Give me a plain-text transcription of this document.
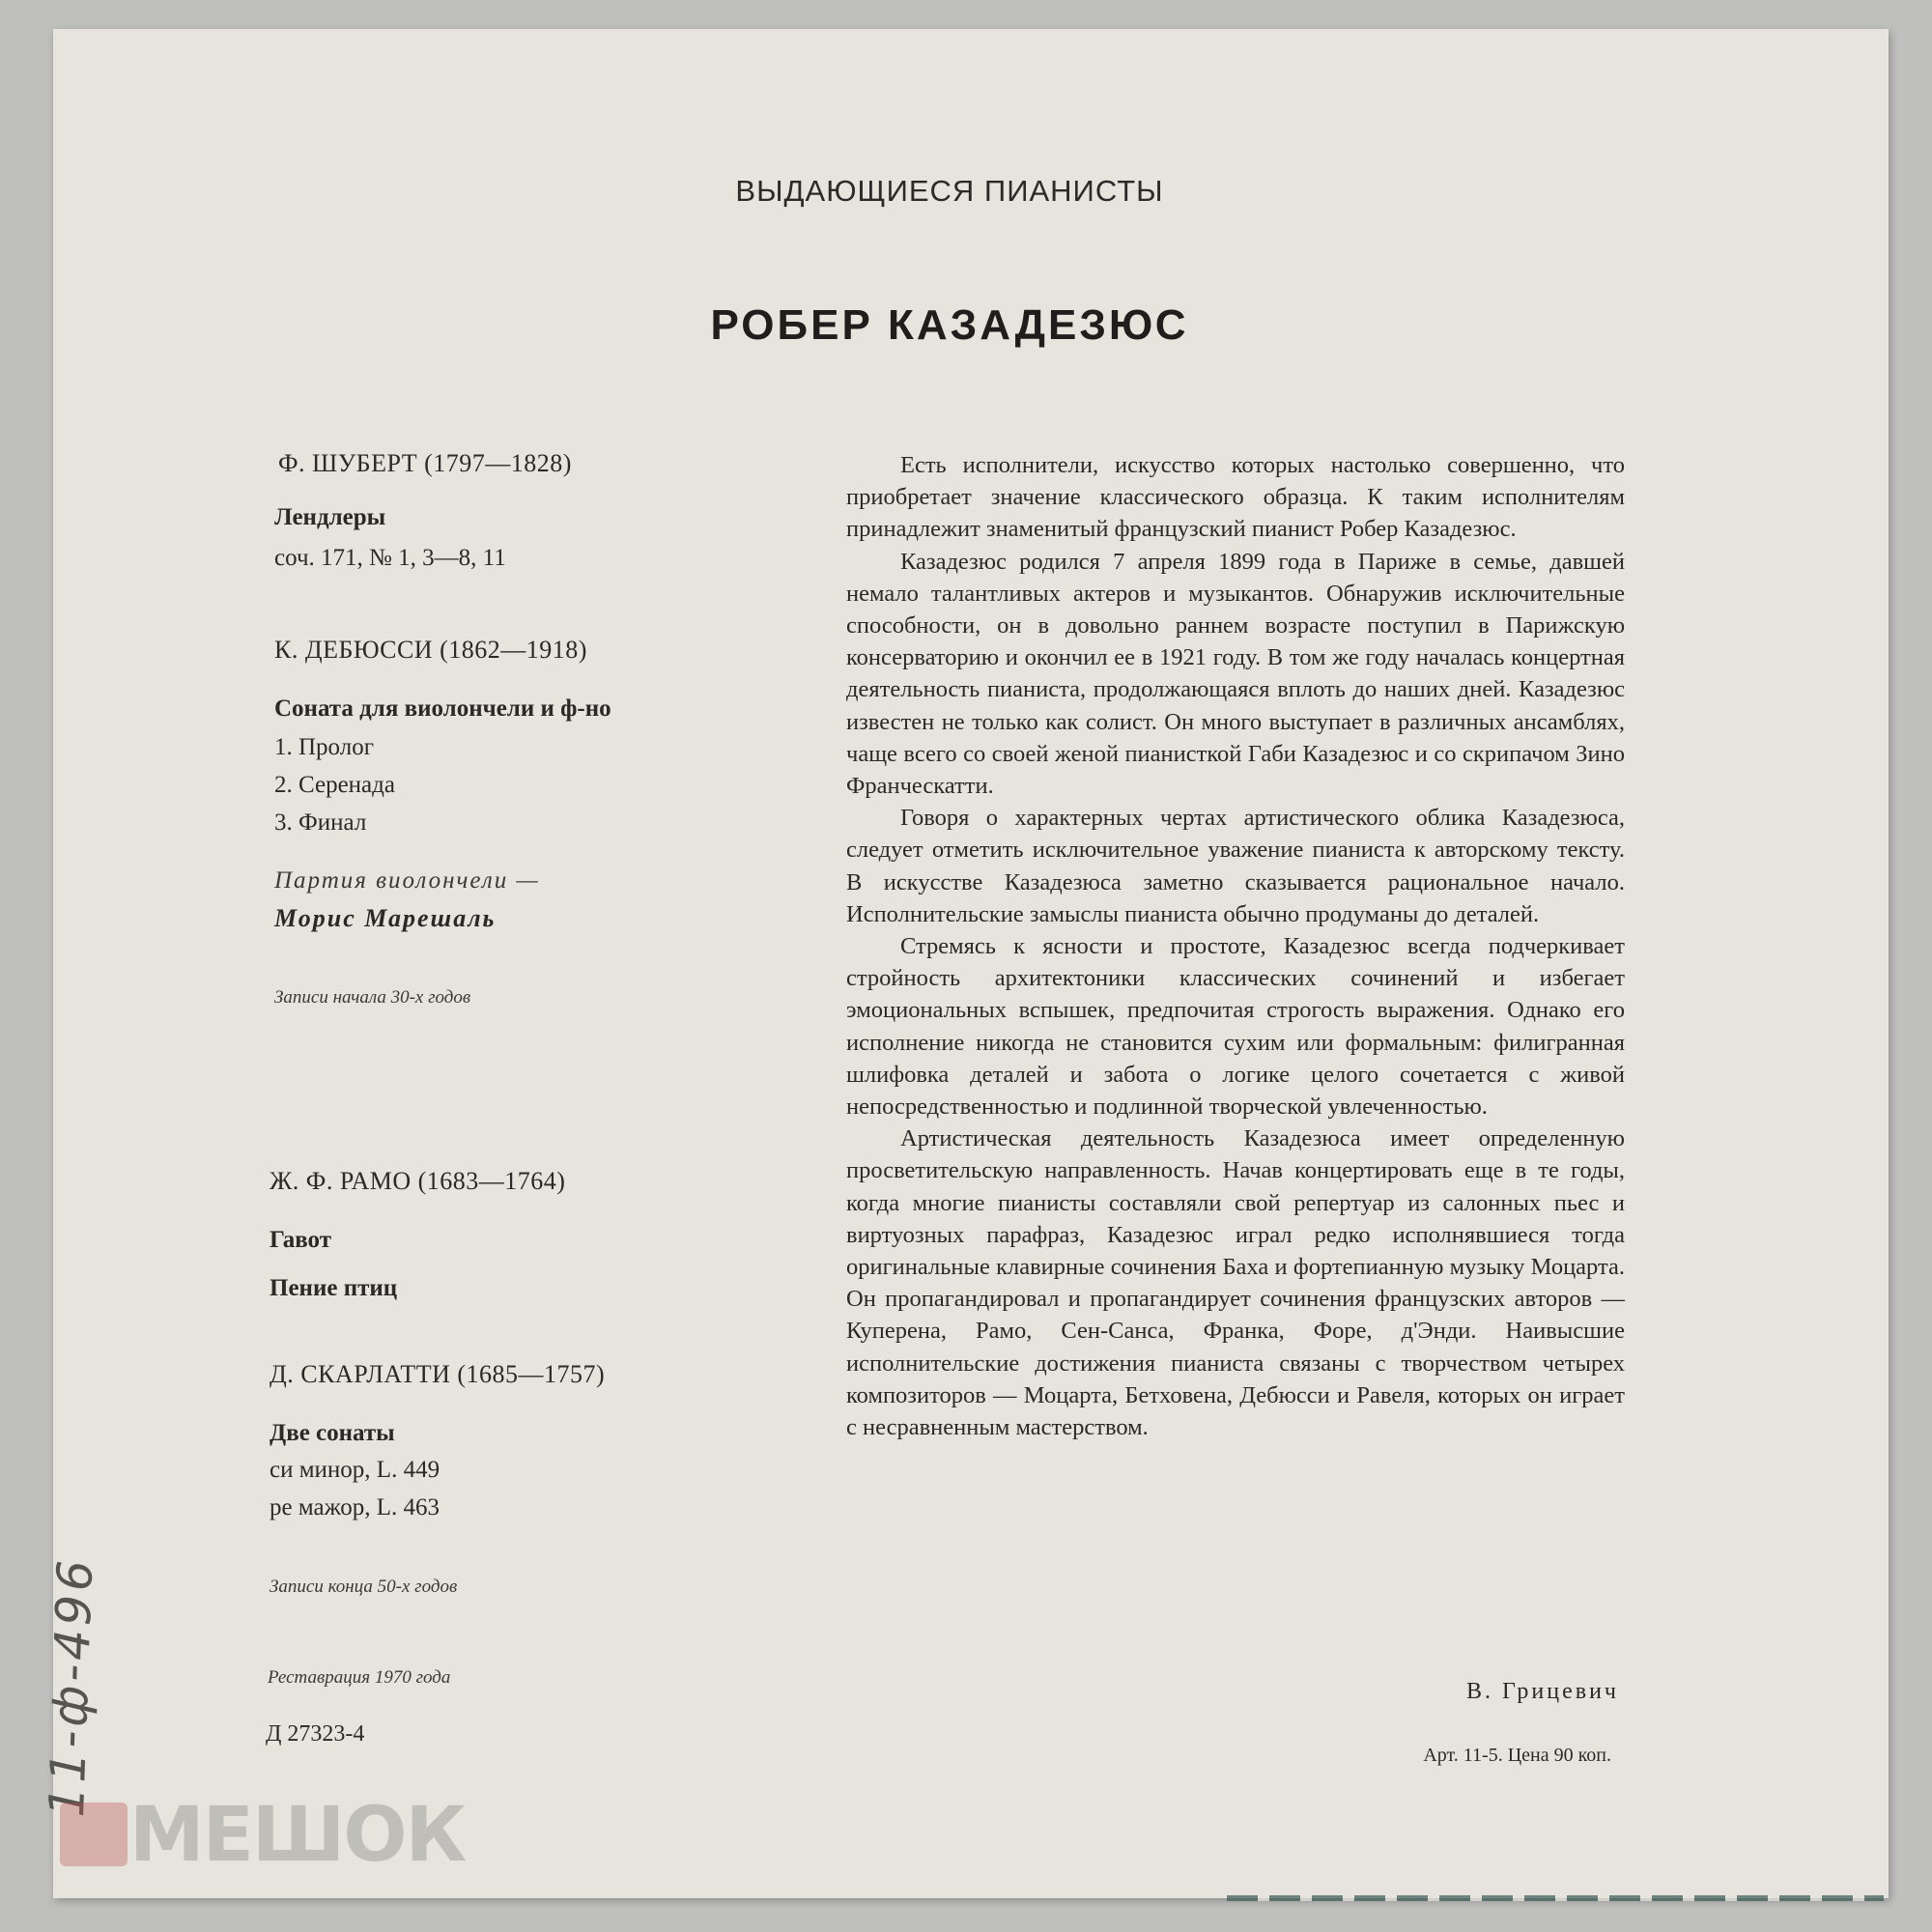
ВЫДАЮЩИЕСЯ ПИАНИСТЫ
РОБЕР КАЗАДЕЗЮС
Ф. ШУБЕРТ (1797—1828)
Лендлеры
соч. 171, № 1, 3—8, 11
К. ДЕБЮССИ (1862—1918)
Соната для виолончели и ф-но
1. Пролог
2. Серенада
3. Финал
Партия виолончели —
Морис Марешаль
Записи начала 30-х годов
Ж. Ф. РАМО (1683—1764)
Гавот
Пение птиц
Д. СКАРЛАТТИ (1685—1757)
Две сонаты
си минор, L. 449
ре мажор, L. 463
Записи конца 50-х годов
Реставрация 1970 года
Д 27323-4

Есть исполнители, искусство которых настолько совершенно, что приобретает значение классического образца. К таким исполнителям принадлежит знаменитый французский пианист Робер Казадезюс.

Казадезюс родился 7 апреля 1899 года в Париже в семье, давшей немало талантливых актеров и музыкантов. Обнаружив исключительные способности, он в довольно раннем возрасте поступил в Парижскую консерваторию и окончил ее в 1921 году. В том же году началась концертная деятельность пианиста, продолжающаяся вплоть до наших дней. Казадезюс известен не только как солист. Он много выступает в различных ансамблях, чаще всего со своей женой пианисткой Габи Казадезюс и со скрипачом Зино Франческатти.

Говоря о характерных чертах артистического облика Казадезюса, следует отметить исключительное уважение пианиста к авторскому тексту. В искусстве Казадезюса заметно сказывается рациональное начало. Исполнительские замыслы пианиста обычно продуманы до деталей.

Стремясь к ясности и простоте, Казадезюс всегда подчеркивает стройность архитектоники классических сочинений и избегает эмоциональных вспышек, предпочитая строгость выражения. Однако его исполнение никогда не становится сухим или формальным: филигранная шлифовка деталей и забота о логике целого сочетается с живой непосредственностью и подлинной творческой увлеченностью.

Артистическая деятельность Казадезюса имеет определенную просветительскую направленность. Начав концертировать еще в те годы, когда многие пианисты составляли свой репертуар из салонных пьес и виртуозных парафраз, Казадезюс играл редко исполнявшиеся тогда оригинальные клавирные сочинения Баха и фортепианную музыку Моцарта. Он пропагандировал и пропагандирует сочинения французских авторов — Куперена, Рамо, Сен-Санса, Франка, Форе, д'Энди. Наивысшие исполнительские достижения пианиста связаны с творчеством четырех композиторов — Моцарта, Бетховена, Дебюсси и Равеля, которых он играет с несравненным мастерством.

В. Грицевич
Арт. 11-5. Цена 90 коп.
11-ф-496
МЕШОК
